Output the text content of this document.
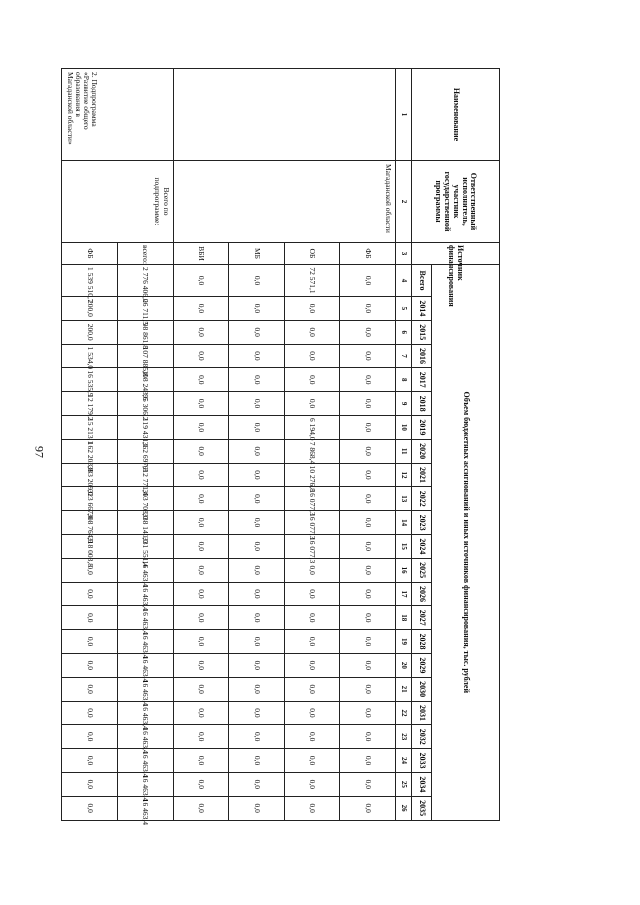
97
Наименование	Ответственный исполнитель, участник государственной программы	Источник финансирования	Объем бюджетных ассигнований и иных источников финансирования, тыс. рублей																						
			Всего	2014	2015	2016	2017	2018	2019	2020	2021	2022	2023	2024	2025	2026	2027	2028	2029	2030	2031	2032	2033	2034	2035
1	2	3	4	5	6	7	8	9	10	11	12	13	14	15	16	17	18	19	20	21	22	23	24	25	26
	Магаданской области	ФБ	0,0	0,0	0,0	0,0	0,0	0,0	0,0	0,0	0,0	0,0	0,0	0,0	0,0	0,0	0,0	0,0	0,0	0,0	0,0	0,0	0,0	0,0	0,0
		ОБ	72 571,1	0,0	0,0	0,0	0,0	0,0	6 194,0	7 868,4	10 276,8	16 077,3	16 077,3	16 077,3	0,0	0,0	0,0	0,0	0,0	0,0	0,0	0,0	0,0	0,0	0,0
		МБ	0,0	0,0	0,0	0,0	0,0	0,0	0,0	0,0	0,0	0,0	0,0	0,0	0,0	0,0	0,0	0,0	0,0	0,0	0,0	0,0	0,0	0,0	0,0
		ВБИ	0,0	0,0	0,0	0,0	0,0	0,0	0,0	0,0	0,0	0,0	0,0	0,0	0,0	0,0	0,0	0,0	0,0	0,0	0,0	0,0	0,0	0,0	0,0
2. Подпрограмма «Развитие общего образования в Магаданской области»	Всего по подпрограмме:	всего:	2 776 406,0	26 711,5	98 861,8	107 885,8	108 243,6	95 306,2	119 431,1	362 697,8	612 771,4	393 708,0	338 140,0	331 551,4	16 463,4	16 463,4	16 463,4	16 463,4	16 463,4	16 463,4	16 463,4	16 463,4	16 463,4	16 463,4	16 463,4
		ФБ	1 539 510,7	200,0	200,0	1 534,0	16 535,9	12 179,2	15 213,1	162 203,8	383 209,0	323 667,0	308 764,9	318 003,8	0,0	0,0	0,0	0,0	0,0	0,0	0,0	0,0	0,0	0,0	0,0
